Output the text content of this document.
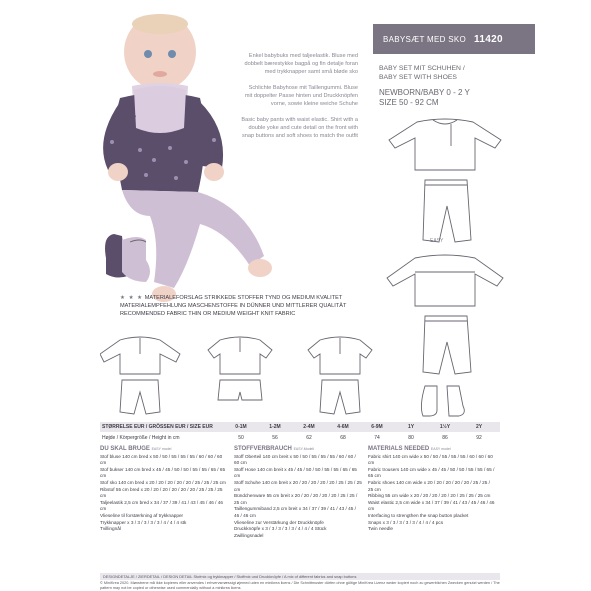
Enkel babybuks med taljeelastik. Bluse med dobbelt bærestykke bagpå og fin detalje foran med trykknapper samt små bløde sko

Schlichte Babyhose mit Taillengummi. Bluse mit doppelter Passe hinten und Druckknöpfen vorne, sowie kleine weiche Schuhe

Basic baby pants with waist elastic. Shirt with a double yoke and cute detail on the front with snap buttons and soft shoes to match the outfit

BABYSÆT MED SKO 11420
BABY SET MIT SCHUHEN /
BABY SET WITH SHOES
NEWBORN/BABY 0 - 2 Y
SIZE 50 - 92 CM
EASY
★ ★ ★ MATERIALEFORSLAG STRIKKEDE STOFFER TYND OG MEDIUM KVALITET
MATERIALEMPFEHLUNG MASCHENSTOFFE IN DÜNNER UND MITTLERER QUALITÄT
RECOMMENDED FABRIC THIN OR MEDIUM WEIGHT KNIT FABRIC
STØRRELSE EUR / GRÖSSEN EUR / SIZE EUR	0-1M	1-2M	2-4M	4-6M	6-9M	1Y	1½Y	2Y
Højde / Körpergröße / Height in cm	50	56	62	68	74	80	86	92
DU SKAL BRUGE EASY model
Stof bluse 140 cm bred x 50 / 50 / 55 / 55 / 55 / 60 / 60 / 60 cm
Stof bukser 140 cm bred x 45 / 45 / 50 / 50 / 55 / 55 / 65 / 65 cm
Stof sko 140 cm bred x 20 / 20 / 20 / 20 / 20 / 25 / 25 / 25 cm
Ribstof 55 cm bred x 20 / 20 / 20 / 20 / 20 / 20 / 25 / 25 / 25 cm
Taljeelastik 2,5 cm bred x 34 / 37 / 39 / 41 / 43 / 45 / 46 / 46 cm
Vlieseline til forstærkning af trykknapper
Trykknapper x 3 / 3 / 3 / 3 / 3 / 4 / 4 / 4 stk
Tvillingnål
STOFFVERBRAUCH EASY-Modell
Stoff Oberteil 140 cm breit x 50 / 50 / 55 / 55 / 55 / 60 / 60 / 60 cm
Stoff Hose 140 cm breit x 45 / 45 / 50 / 50 / 55 / 55 / 65 / 65 cm
Stoff Schuhe 140 cm breit x 20 / 20 / 20 / 20 / 20 / 25 / 25 / 25 cm
Bündchenware 55 cm breit x 20 / 20 / 20 / 20 / 20 / 25 / 25 / 25 cm
Taillengummiband 2,5 cm breit x 34 / 37 / 39 / 41 / 43 / 45 / 46 / 46 cm
Vlieseline zur Verstärkung der Druckknöpfe
Druckknöpfe x 3 / 3 / 3 / 3 / 3 / 4 / 4 / 4 Stück
Zwillingsnadel
MATERIALS NEEDED EASY model
Fabric shirt 140 cm wide x 50 / 50 / 55 / 55 / 55 / 60 / 60 / 60 cm
Fabric trousers 140 cm wide x 45 / 45 / 50 / 50 / 55 / 55 / 65 / 65 cm
Fabric shoes 140 cm wide x 20 / 20 / 20 / 20 / 20 / 25 / 25 / 25 cm
Ribbing 55 cm wide x 20 / 20 / 20 / 20 / 20 / 25 / 25 / 25 cm
Waist elastic 2,5 cm wide x 34 / 37 / 39 / 41 / 43 / 45 / 46 / 46 cm
Interfacing to strengthen the snap button placket
Snaps x 3 / 3 / 3 / 3 / 3 / 4 / 4 / 4 pcs
Twin needle
DESIGNDETALJE / ZIERDETAIL / DESIGN DETAIL Stofmix og trykknapper / Stoffmix und Druckknöpfe / A mix of different fabrics and snap buttons
© MiniKrea 2020. Mønstrene må ikke kopieres eller anvendes i erhvervsmæssigt øjemed uden en minikrea licens / Die Schnittmuster dürfen ohne gültige MiniKrea Lizenz weder kopiert noch zu gewerblichen Zwecken genutzt werden / The pattern may not be copied or otherwise used commercially without a minikrea licens
